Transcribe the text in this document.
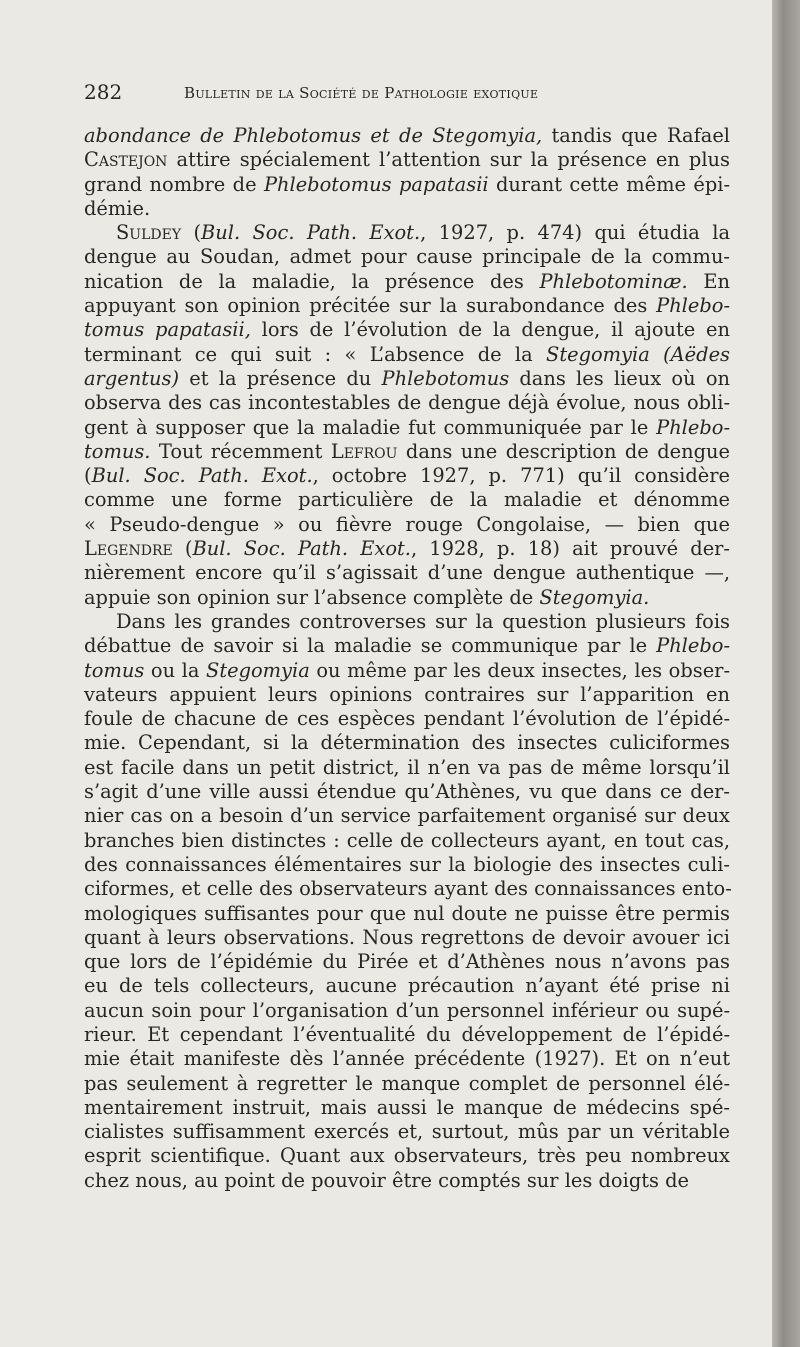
282	Bulletin de la Société de Pathologie exotique
abondance de Phlebotomus et de Stegomyia, tandis que Rafael
Castejon attire spécialement l’attention sur la présence en plus
grand nombre de Phlebotomus papatasii durant cette même épi-
démie.
Suldey (Bul. Soc. Path. Exot., 1927, p. 474) qui étudia la
dengue au Soudan, admet pour cause principale de la commu-
nication de la maladie, la présence des Phlebotominæ. En
appuyant son opinion précitée sur la surabondance des Phlebo-
tomus papatasii, lors de l’évolution de la dengue, il ajoute en
terminant ce qui suit : « L’absence de la Stegomyia (Aëdes
argentus) et la présence du Phlebotomus dans les lieux où on
observa des cas incontestables de dengue déjà évolue, nous obli-
gent à supposer que la maladie fut communiquée par le Phlebo-
tomus. Tout récemment Lefrou dans une description de dengue
(Bul. Soc. Path. Exot., octobre 1927, p. 771) qu’il considère
comme une forme particulière de la maladie et dénomme
« Pseudo-dengue » ou fièvre rouge Congolaise, — bien que
Legendre (Bul. Soc. Path. Exot., 1928, p. 18) ait prouvé der-
nièrement encore qu’il s’agissait d’une dengue authentique —,
appuie son opinion sur l’absence complète de Stegomyia.
Dans les grandes controverses sur la question plusieurs fois
débattue de savoir si la maladie se communique par le Phlebo-
tomus ou la Stegomyia ou même par les deux insectes, les obser-
vateurs appuient leurs opinions contraires sur l’apparition en
foule de chacune de ces espèces pendant l’évolution de l’épidé-
mie. Cependant, si la détermination des insectes culiciformes
est facile dans un petit district, il n’en va pas de même lorsqu’il
s’agit d’une ville aussi étendue qu’Athènes, vu que dans ce der-
nier cas on a besoin d’un service parfaitement organisé sur deux
branches bien distinctes : celle de collecteurs ayant, en tout cas,
des connaissances élémentaires sur la biologie des insectes culi-
ciformes, et celle des observateurs ayant des connaissances ento-
mologiques suffisantes pour que nul doute ne puisse être permis
quant à leurs observations. Nous regrettons de devoir avouer ici
que lors de l’épidémie du Pirée et d’Athènes nous n’avons pas
eu de tels collecteurs, aucune précaution n’ayant été prise ni
aucun soin pour l’organisation d’un personnel inférieur ou supé-
rieur. Et cependant l’éventualité du développement de l’épidé-
mie était manifeste dès l’année précédente (1927). Et on n’eut
pas seulement à regretter le manque complet de personnel élé-
mentairement instruit, mais aussi le manque de médecins spé-
cialistes suffisamment exercés et, surtout, mûs par un véritable
esprit scientifique. Quant aux observateurs, très peu nombreux
chez nous, au point de pouvoir être comptés sur les doigts de
